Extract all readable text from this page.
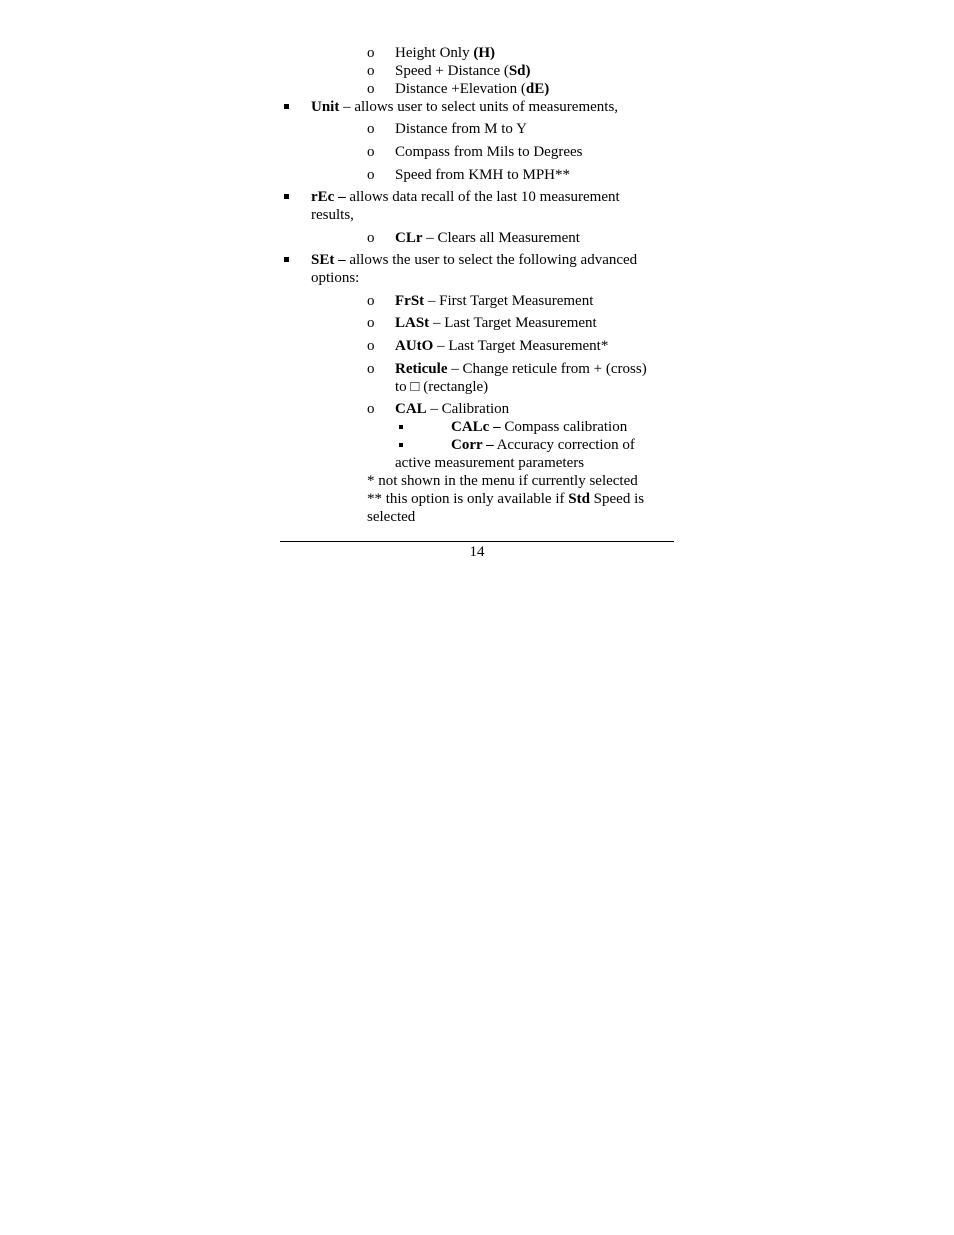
o Height Only (H)
o Speed + Distance (Sd)
o Distance +Elevation (dE)
Unit – allows user to select units of measurements,
o Distance from M to Y
o Compass from Mils to Degrees
o Speed from KMH to MPH**
rEc – allows data recall of the last 10 measurement
results,
o CLr – Clears all Measurement
SEt – allows the user to select the following advanced
options:
o FrSt – First Target Measurement
o LASt – Last Target Measurement
o AUtO – Last Target Measurement*
o Reticule – Change reticule from + (cross)
to □ (rectangle)
o CAL – Calibration
CALc – Compass calibration
Corr – Accuracy correction of
active measurement parameters
* not shown in the menu if currently selected
** this option is only available if Std Speed is
selected
14
